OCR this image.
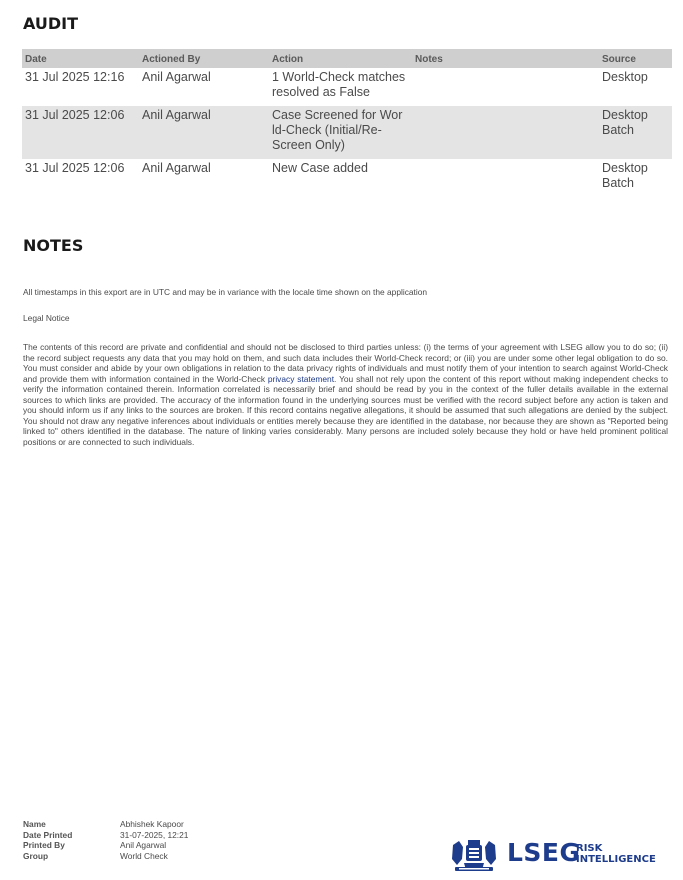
AUDIT
Date	Actioned By	Action	Notes	Source
31 Jul 2025 12:16	Anil Agarwal	1 World-Check matches
resolved as False		Desktop
31 Jul 2025 12:06	Anil Agarwal	Case Screened for Wor
ld-Check (Initial/Re-
Screen Only)		Desktop
Batch
31 Jul 2025 12:06	Anil Agarwal	New Case added		Desktop
Batch
NOTES
All timestamps in this export are in UTC and may be in variance with the locale time shown on the application
Legal Notice
The contents of this record are private and confidential and should not be disclosed to third parties unless: (i) the terms of your agreement with LSEG allow you to do so; (ii) the record subject requests any data that you may hold on them, and such data includes their World-Check record; or (iii) you are under some other legal obligation to do so. You must consider and abide by your own obligations in relation to the data privacy rights of individuals and must notify them of your intention to search against World-Check and provide them with information contained in the World-Check privacy statement. You shall not rely upon the content of this report without making independent checks to verify the information contained therein. Information correlated is necessarily brief and should be read by you in the context of the fuller details available in the external sources to which links are provided. The accuracy of the information found in the underlying sources must be verified with the record subject before any action is taken and you should inform us if any links to the sources are broken. If this record contains negative allegations, it should be assumed that such allegations are denied by the subject. You should not draw any negative inferences about individuals or entities merely because they are identified in the database, nor because they are shown as "Reported being linked to" others identified in the database. The nature of linking varies considerably. Many persons are included solely because they hold or have held prominent political positions or are connected to such individuals.
Name	Abhishek Kapoor
Date Printed	31-07-2025, 12:21
Printed By	Anil Agarwal
Group	World Check	LSEG
RISK
INTELLIGENCE
